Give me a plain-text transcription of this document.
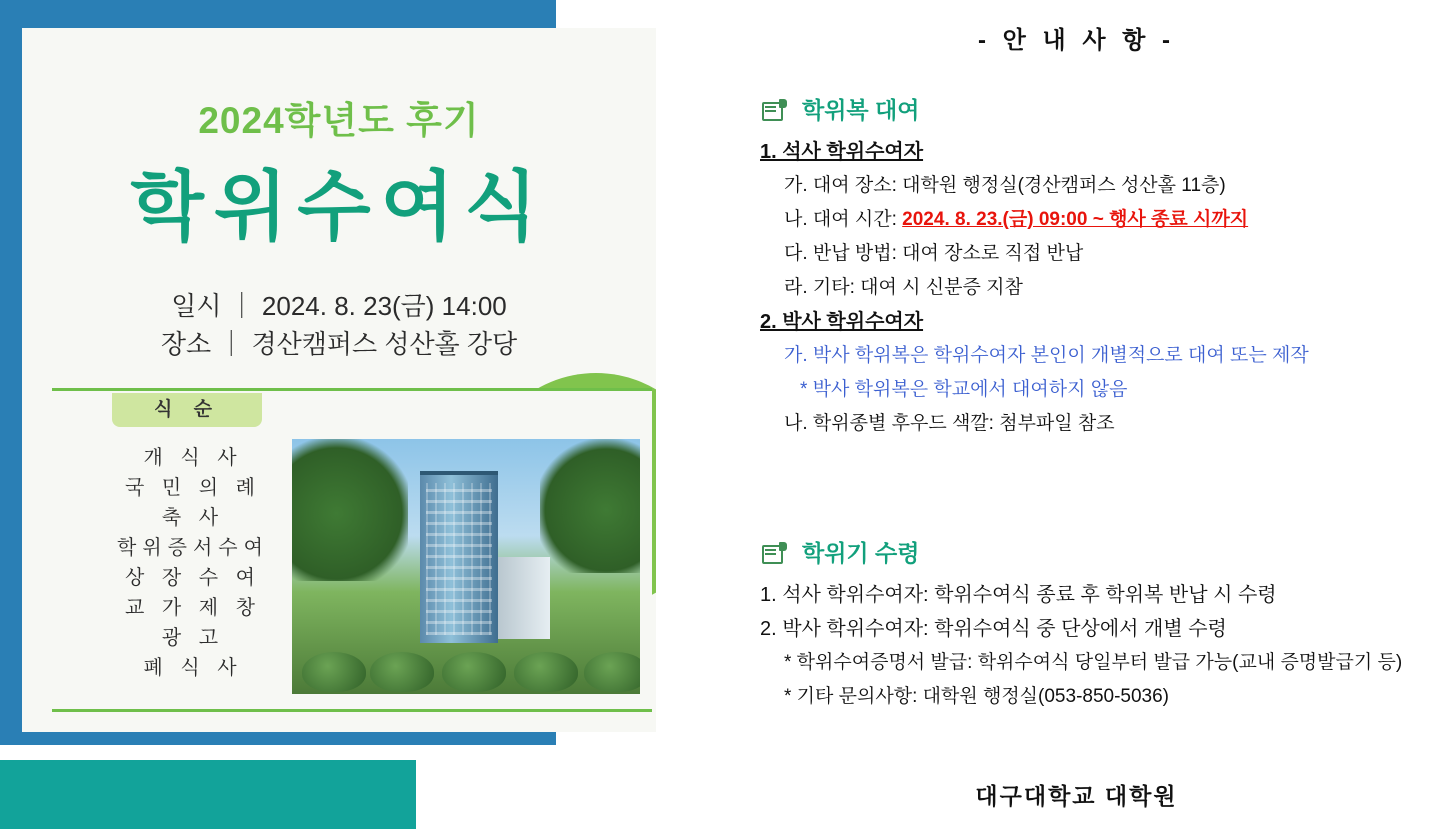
2024학년도 후기
학위수여식
일시 ｜ 2024. 8. 23(금) 14:00
장소 ｜ 경산캠퍼스 성산홀 강당
식 순
개 식 사
국 민 의 례
축 사
학위증서수여
상 장 수 여
교 가 제 창
광 고
폐 식 사
- 안 내 사 항 -
학위복 대여
1. 석사 학위수여자
가. 대여 장소: 대학원 행정실(경산캠퍼스 성산홀 11층)
나. 대여 시간: 2024. 8. 23.(금) 09:00 ~ 행사 종료 시까지
다. 반납 방법: 대여 장소로 직접 반납
라. 기타: 대여 시 신분증 지참
2. 박사 학위수여자
가. 박사 학위복은 학위수여자 본인이 개별적으로 대여 또는 제작
* 박사 학위복은 학교에서 대여하지 않음
나. 학위종별 후우드 색깔: 첨부파일 참조
학위기 수령
1. 석사 학위수여자: 학위수여식 종료 후 학위복 반납 시 수령
2. 박사 학위수여자: 학위수여식 중 단상에서 개별 수령
* 학위수여증명서 발급: 학위수여식 당일부터 발급 가능(교내 증명발급기 등)
* 기타 문의사항: 대학원 행정실(053-850-5036)
대구대학교 대학원
